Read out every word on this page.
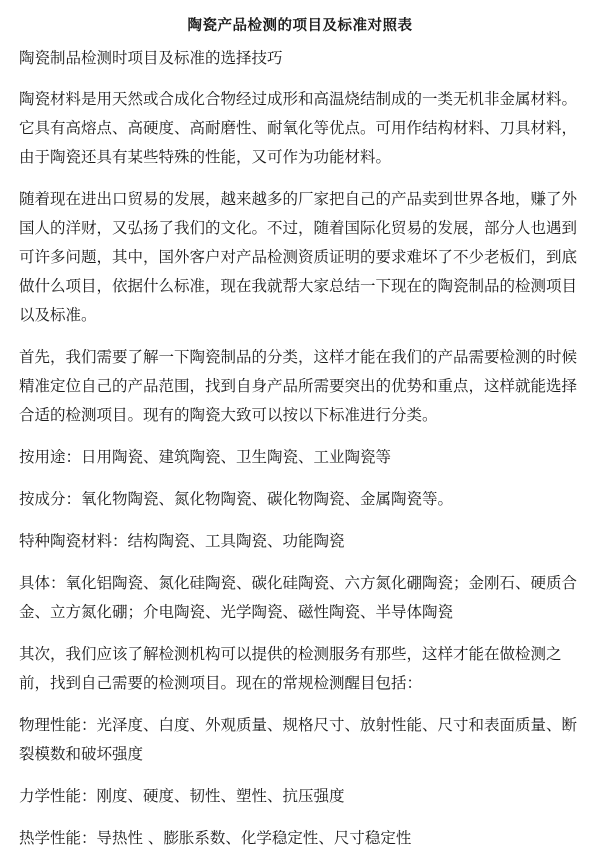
陶瓷产品检测的项目及标准对照表

陶瓷制品检测时项目及标准的选择技巧

陶瓷材料是用天然或合成化合物经过成形和高温烧结制成的一类无机非金属材料。它具有高熔点、高硬度、高耐磨性、耐氧化等优点。可用作结构材料、刀具材料，由于陶瓷还具有某些特殊的性能，又可作为功能材料。

随着现在进出口贸易的发展，越来越多的厂家把自己的产品卖到世界各地，赚了外国人的洋财，又弘扬了我们的文化。不过，随着国际化贸易的发展，部分人也遇到可许多问题，其中，国外客户对产品检测资质证明的要求难坏了不少老板们，到底做什么项目，依据什么标准，现在我就帮大家总结一下现在的陶瓷制品的检测项目以及标准。

首先，我们需要了解一下陶瓷制品的分类，这样才能在我们的产品需要检测的时候精准定位自己的产品范围，找到自身产品所需要突出的优势和重点，这样就能选择合适的检测项目。现有的陶瓷大致可以按以下标准进行分类。

按用途：日用陶瓷、建筑陶瓷、卫生陶瓷、工业陶瓷等

按成分：氧化物陶瓷、氮化物陶瓷、碳化物陶瓷、金属陶瓷等。

特种陶瓷材料：结构陶瓷、工具陶瓷、功能陶瓷

具体：氧化铝陶瓷、氮化硅陶瓷、碳化硅陶瓷、六方氮化硼陶瓷；金刚石、硬质合金、立方氮化硼；介电陶瓷、光学陶瓷、磁性陶瓷、半导体陶瓷

其次，我们应该了解检测机构可以提供的检测服务有那些，这样才能在做检测之前，找到自己需要的检测项目。现在的常规检测醒目包括：

物理性能：光泽度、白度、外观质量、规格尺寸、放射性能、尺寸和表面质量、断裂模数和破坏强度

力学性能：刚度、硬度、韧性、塑性、抗压强度

热学性能：导热性 、膨胀系数、化学稳定性、尺寸稳定性
